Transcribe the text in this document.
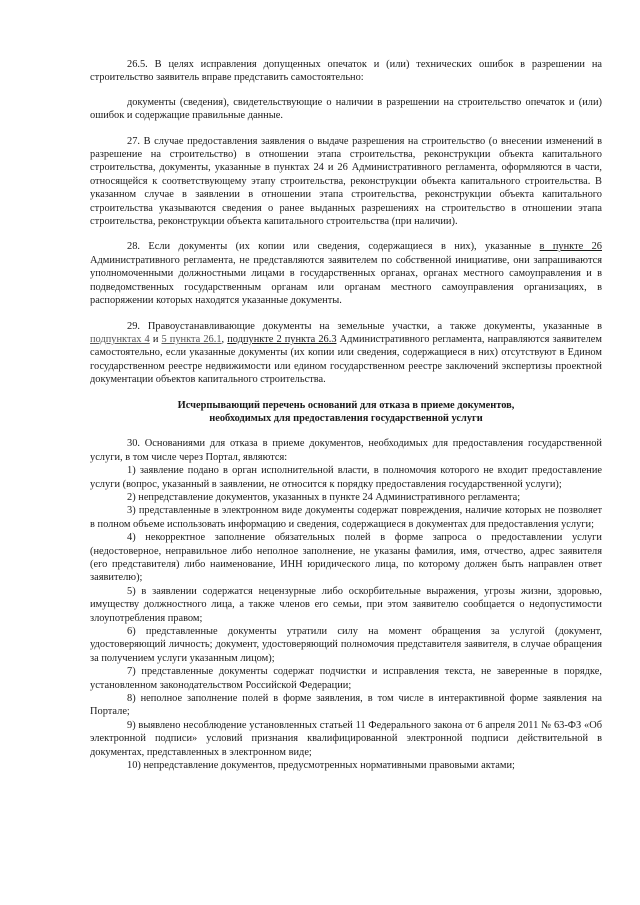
26.5. В целях исправления допущенных опечаток и (или) технических ошибок в разрешении на строительство заявитель вправе представить самостоятельно:

документы (сведения), свидетельствующие о наличии в разрешении на строительство опечаток и (или) ошибок и содержащие правильные данные.

27. В случае предоставления заявления о выдаче разрешения на строительство (о внесении изменений в разрешение на строительство) в отношении этапа строительства, реконструкции объекта капитального строительства, документы, указанные в пунктах 24 и 26 Административного регламента, оформляются в части, относящейся к соответствующему этапу строительства, реконструкции объекта капитального строительства. В указанном случае в заявлении в отношении этапа строительства, реконструкции объекта капитального строительства указываются сведения о ранее выданных разрешениях на строительство в отношении этапа строительства, реконструкции объекта капитального строительства (при наличии).

28. Если документы (их копии или сведения, содержащиеся в них), указанные в пункте 26 Административного регламента, не представляются заявителем по собственной инициативе, они запрашиваются уполномоченными должностными лицами в государственных органах, органах местного самоуправления и в подведомственных государственным органам или органам местного самоуправления организациях, в распоряжении которых находятся указанные документы.

29. Правоустанавливающие документы на земельные участки, а также документы, указанные в подпунктах 4 и 5 пункта 26.1, подпункте 2 пункта 26.3 Административного регламента, направляются заявителем самостоятельно, если указанные документы (их копии или сведения, содержащиеся в них) отсутствуют в Едином государственном реестре недвижимости или едином государственном реестре заключений экспертизы проектной документации объектов капитального строительства.

Исчерпывающий перечень оснований для отказа в приеме документов, необходимых для предоставления государственной услуги

30. Основаниями для отказа в приеме документов, необходимых для предоставления государственной услуги, в том числе через Портал, являются:

1) заявление подано в орган исполнительной власти, в полномочия которого не входит предоставление услуги (вопрос, указанный в заявлении, не относится к порядку предоставления государственной услуги);

2) непредставление документов, указанных в пункте 24 Административного регламента;

3) представленные в электронном виде документы содержат повреждения, наличие которых не позволяет в полном объеме использовать информацию и сведения, содержащиеся в документах для предоставления услуги;

4) некорректное заполнение обязательных полей в форме запроса о предоставлении услуги (недостоверное, неправильное либо неполное заполнение, не указаны фамилия, имя, отчество, адрес заявителя (его представителя) либо наименование, ИНН юридического лица, по которому должен быть направлен ответ заявителю);

5) в заявлении содержатся нецензурные либо оскорбительные выражения, угрозы жизни, здоровью, имуществу должностного лица, а также членов его семьи, при этом заявителю сообщается о недопустимости злоупотребления правом;

6) представленные документы утратили силу на момент обращения за услугой (документ, удостоверяющий личность; документ, удостоверяющий полномочия представителя заявителя, в случае обращения за получением услуги указанным лицом);

7) представленные документы содержат подчистки и исправления текста, не заверенные в порядке, установленном законодательством Российской Федерации;

8) неполное заполнение полей в форме заявления, в том числе в интерактивной форме заявления на Портале;

9) выявлено несоблюдение установленных статьей 11 Федерального закона от 6 апреля 2011 № 63-ФЗ «Об электронной подписи» условий признания квалифицированной электронной подписи действительной в документах, представленных в электронном виде;

10) непредставление документов, предусмотренных нормативными правовыми актами;
